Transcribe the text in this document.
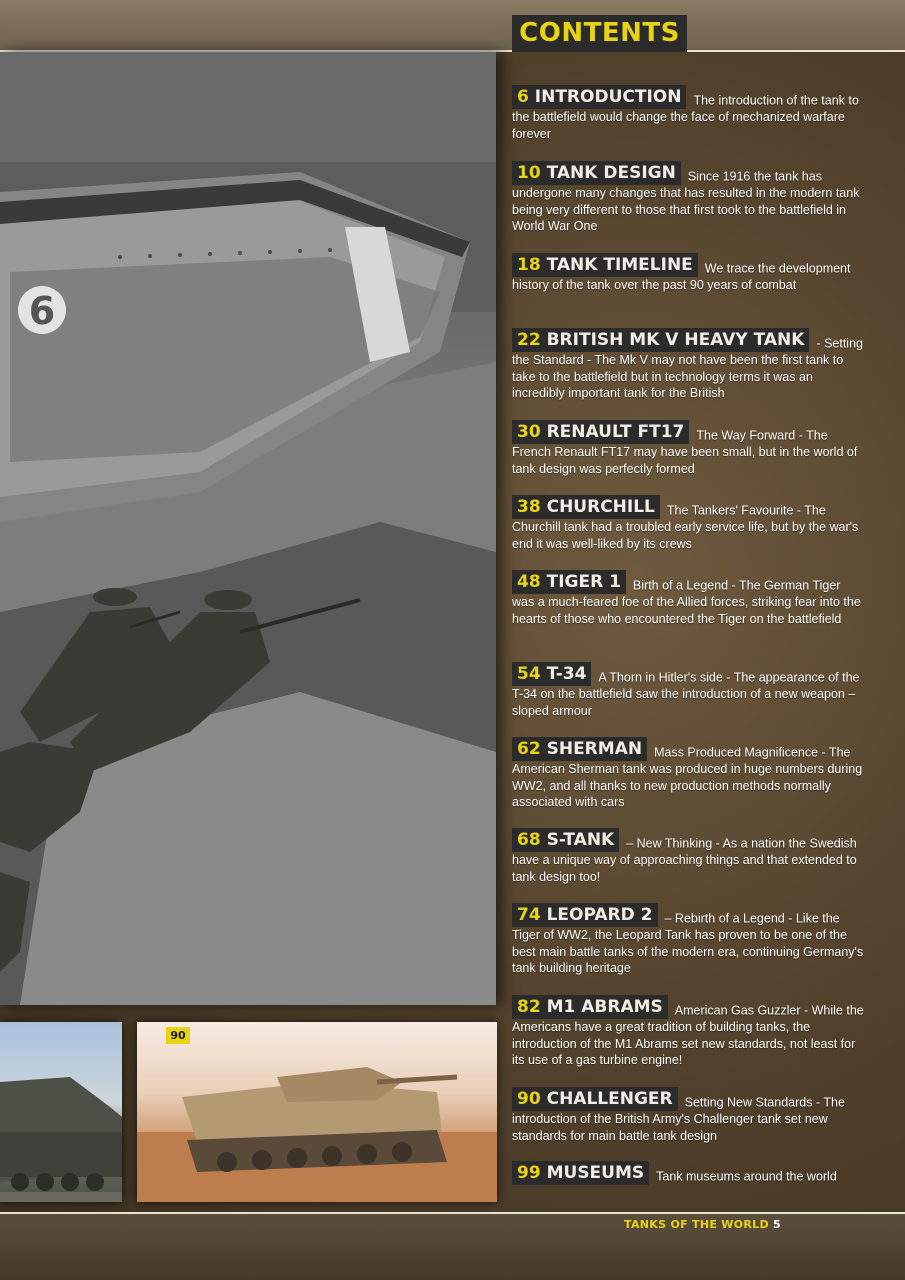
6
90
CONTENTS
6 INTRODUCTION The introduction of the tank to the battlefield would change the face of mechanized warfare forever
10 TANK DESIGN Since 1916 the tank has undergone many changes that has resulted in the modern tank being very different to those that first took to the battlefield in World War One
18 TANK TIMELINE We trace the development history of the tank over the past 90 years of combat
22 BRITISH MK V HEAVY TANK - Setting the Standard - The Mk V may not have been the first tank to take to the battlefield but in technology terms it was an incredibly important tank for the British
30 RENAULT FT17 The Way Forward - The French Renault FT17 may have been small, but in the world of tank design was perfectly formed
38 CHURCHILL The Tankers' Favourite - The Churchill tank had a troubled early service life, but by the war's end it was well-liked by its crews
48 TIGER 1 Birth of a Legend - The German Tiger was a much-feared foe of the Allied forces, striking fear into the hearts of those who encountered the Tiger on the battlefield
54 T-34 A Thorn in Hitler's side - The appearance of the T-34 on the battlefield saw the introduction of a new weapon – sloped armour
62 SHERMAN Mass Produced Magnificence - The American Sherman tank was produced in huge numbers during WW2, and all thanks to new production methods normally associated with cars
68 S-TANK – New Thinking - As a nation the Swedish have a unique way of approaching things and that extended to tank design too!
74 LEOPARD 2 – Rebirth of a Legend - Like the Tiger of WW2, the Leopard Tank has proven to be one of the best main battle tanks of the modern era, continuing Germany's tank building heritage
82 M1 ABRAMS American Gas Guzzler - While the Americans have a great tradition of building tanks, the introduction of the M1 Abrams set new standards, not least for its use of a gas turbine engine!
90 CHALLENGER Setting New Standards - The introduction of the British Army's Challenger tank set new standards for main battle tank design
99 MUSEUMS Tank museums around the world
TANKS OF THE WORLD 5
